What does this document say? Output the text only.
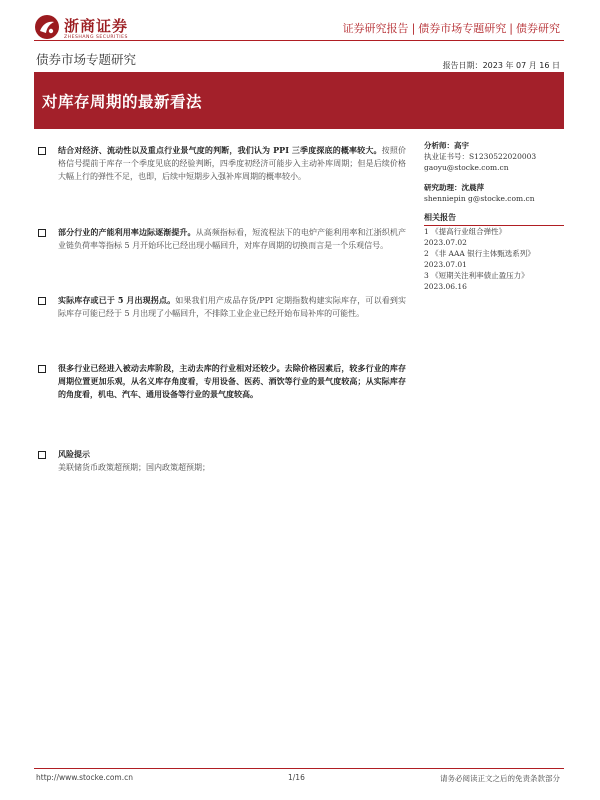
浙商证券
ZHESHANG SECURITIES
证券研究报告 | 债券市场专题研究 | 债券研究
债券市场专题研究	报告日期：2023 年 07 月 16 日
对库存周期的最新看法
结合对经济、流动性以及重点行业景气度的判断，我们认为 PPI 三季度探底的概率较大。按照价格信号提前于库存一个季度见底的经验判断，四季度初经济可能步入主动补库周期；但是后续价格大幅上行的弹性不足，也即，后续中短期步入强补库周期的概率较小。
部分行业的产能利用率边际逐渐提升。从高频指标看，短流程法下的电炉产能利用率和江浙织机产业链负荷率等指标 5 月开始环比已经出现小幅回升，对库存周期的切换而言是一个乐观信号。
实际库存或已于 5 月出现拐点。如果我们用产成品存货/PPI 定期指数构建实际库存，可以看到实际库存可能已经于 5 月出现了小幅回升，不排除工业企业已经开始布局补库的可能性。
很多行业已经进入被动去库阶段，主动去库的行业相对还较少。去除价格因素后，较多行业的库存周期位置更加乐观，从名义库存角度看，专用设备、医药、酒饮等行业的景气度较高；从实际库存的角度看，机电、汽车、通用设备等行业的景气度较高。
风险提示
美联储货币政策超预期；国内政策超预期；
分析师：高宇
执业证书号：S1230522020003
gaoyu@stocke.com.cn
研究助理：沈晨萍
shenniepin g@stocke.com.cn
相关报告
1 《提高行业组合弹性》
2023.07.02
2 《非 AAA 银行主体甄选系列》 2023.07.01
3 《短期关注利率债止盈压力》
2023.06.16
http://www.stocke.com.cn	1/16	请务必阅读正文之后的免责条款部分
